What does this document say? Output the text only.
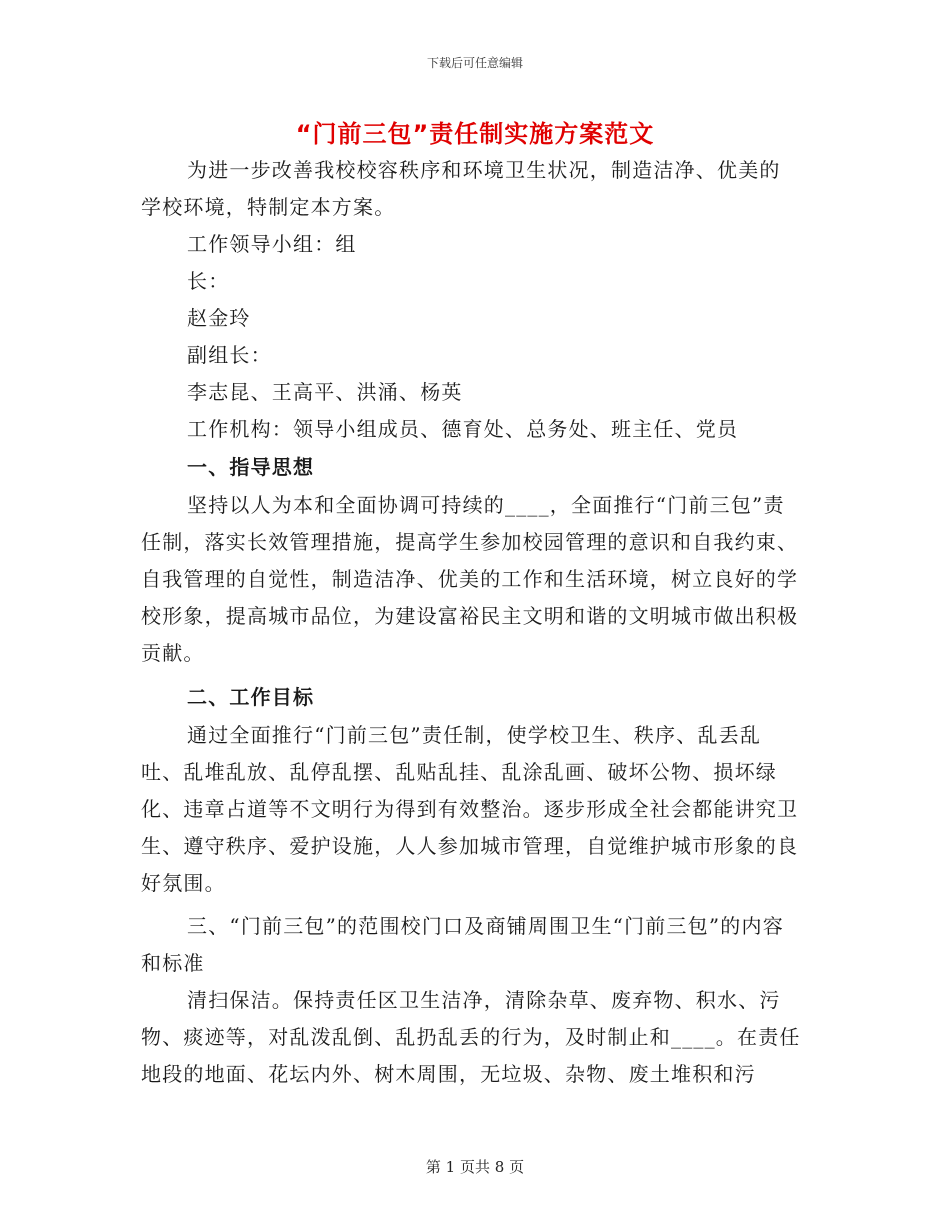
下载后可任意编辑
“门前三包”责任制实施方案范文

为进一步改善我校校容秩序和环境卫生状况，制造洁净、优美的学校环境，特制定本方案。

工作领导小组：组

长：

赵金玲

副组长：

李志昆、王高平、洪涌、杨英

工作机构：领导小组成员、德育处、总务处、班主任、党员

一、指导思想

坚持以人为本和全面协调可持续的____，全面推行“门前三包”责任制，落实长效管理措施，提高学生参加校园管理的意识和自我约束、自我管理的自觉性，制造洁净、优美的工作和生活环境，树立良好的学校形象，提高城市品位，为建设富裕民主文明和谐的文明城市做出积极贡献。

二、工作目标

通过全面推行“门前三包”责任制，使学校卫生、秩序、乱丢乱吐、乱堆乱放、乱停乱摆、乱贴乱挂、乱涂乱画、破坏公物、损坏绿化、违章占道等不文明行为得到有效整治。逐步形成全社会都能讲究卫生、遵守秩序、爱护设施，人人参加城市管理，自觉维护城市形象的良好氛围。

三、“门前三包”的范围校门口及商铺周围卫生“门前三包”的内容和标准

清扫保洁。保持责任区卫生洁净，清除杂草、废弃物、积水、污物、痰迹等，对乱泼乱倒、乱扔乱丢的行为，及时制止和____。在责任地段的地面、花坛内外、树木周围，无垃圾、杂物、废土堆积和污

第 1 页共 8 页
